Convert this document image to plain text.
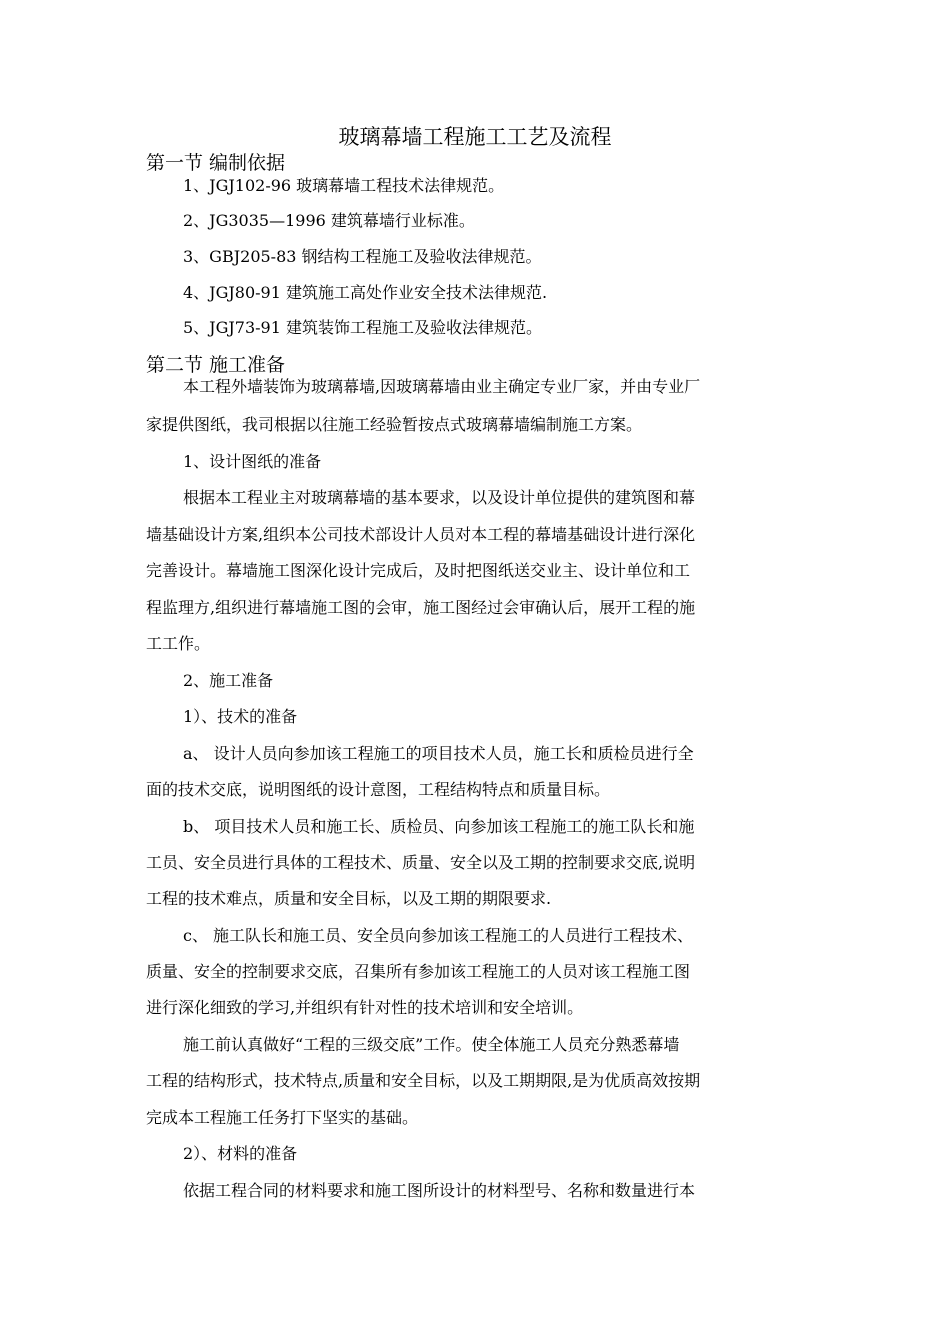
玻璃幕墙工程施工工艺及流程
第一节 编制依据

1、JGJ102-96 玻璃幕墙工程技术法律规范。

2、JG3035—1996 建筑幕墙行业标准。

3、GBJ205-83 钢结构工程施工及验收法律规范。

4、JGJ80-91 建筑施工高处作业安全技术法律规范.

5、JGJ73-91 建筑装饰工程施工及验收法律规范。

第二节 施工准备

本工程外墙装饰为玻璃幕墙,因玻璃幕墙由业主确定专业厂家，并由专业厂

家提供图纸，我司根据以往施工经验暂按点式玻璃幕墙编制施工方案。

1、设计图纸的准备

根据本工程业主对玻璃幕墙的基本要求，以及设计单位提供的建筑图和幕

墙基础设计方案,组织本公司技术部设计人员对本工程的幕墙基础设计进行深化

完善设计。幕墙施工图深化设计完成后，及时把图纸送交业主、设计单位和工

程监理方,组织进行幕墙施工图的会审，施工图经过会审确认后，展开工程的施

工工作。

2、施工准备

1）、技术的准备

a、 设计人员向参加该工程施工的项目技术人员，施工长和质检员进行全

面的技术交底，说明图纸的设计意图，工程结构特点和质量目标。

b、 项目技术人员和施工长、质检员、向参加该工程施工的施工队长和施

工员、安全员进行具体的工程技术、质量、安全以及工期的控制要求交底,说明

工程的技术难点，质量和安全目标，以及工期的期限要求.

c、 施工队长和施工员、安全员向参加该工程施工的人员进行工程技术、

质量、安全的控制要求交底，召集所有参加该工程施工的人员对该工程施工图

进行深化细致的学习,并组织有针对性的技术培训和安全培训。

施工前认真做好“工程的三级交底”工作。使全体施工人员充分熟悉幕墙

工程的结构形式，技术特点,质量和安全目标，以及工期期限,是为优质高效按期

完成本工程施工任务打下坚实的基础。

2）、材料的准备

依据工程合同的材料要求和施工图所设计的材料型号、名称和数量进行本
